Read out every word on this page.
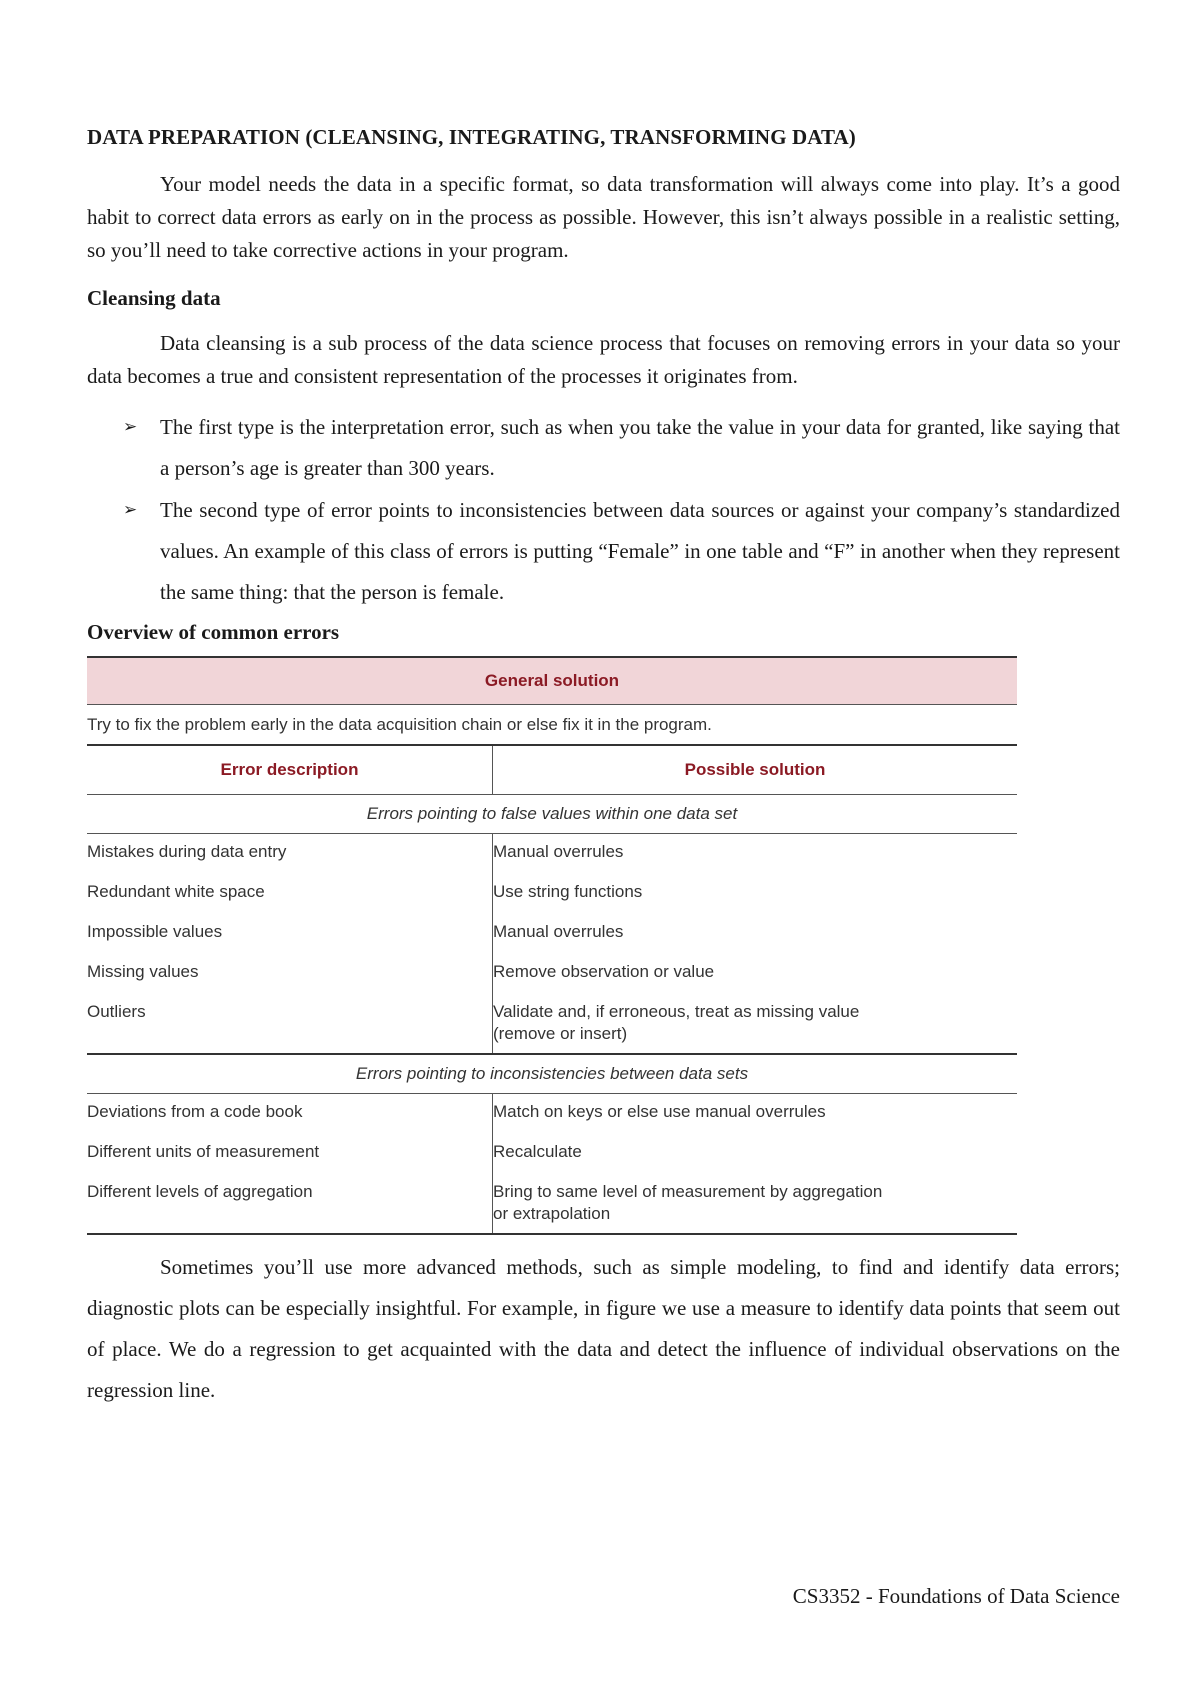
DATA PREPARATION (CLEANSING, INTEGRATING, TRANSFORMING DATA)

Your model needs the data in a specific format, so data transformation will always come into play. It’s a good habit to correct data errors as early on in the process as possible. However, this isn’t always possible in a realistic setting, so you’ll need to take corrective actions in your program.

Cleansing data

Data cleansing is a sub process of the data science process that focuses on removing errors in your data so your data becomes a true and consistent representation of the processes it originates from.

➢ The first type is the interpretation error, such as when you take the value in your data for granted, like saying that a person’s age is greater than 300 years.
➢ The second type of error points to inconsistencies between data sources or against your company’s standardized values. An example of this class of errors is putting “Female” in one table and “F” in another when they represent the same thing: that the person is female.
Overview of common errors
General solution	
Try to fix the problem early in the data acquisition chain or else fix it in the program.	
Error description	Possible solution
Errors pointing to false values within one data set	

Mistakes during data entry	Manual overrules

Redundant white space	Use string functions

Impossible values	Manual overrules

Missing values	Remove observation or value

Outliers	Validate and, if erroneous, treat as missing value
(remove or insert)

Errors pointing to inconsistencies between data sets	

Deviations from a code book	Match on keys or else use manual overrules

Different units of measurement	Recalculate

Different levels of aggregation	Bring to same level of measurement by aggregation
or extrapolation

Sometimes you’ll use more advanced methods, such as simple modeling, to find and identify data errors; diagnostic plots can be especially insightful. For example, in figure we use a measure to identify data points that seem out of place. We do a regression to get acquainted with the data and detect the influence of individual observations on the regression line.

CS3352 - Foundations of Data Science
